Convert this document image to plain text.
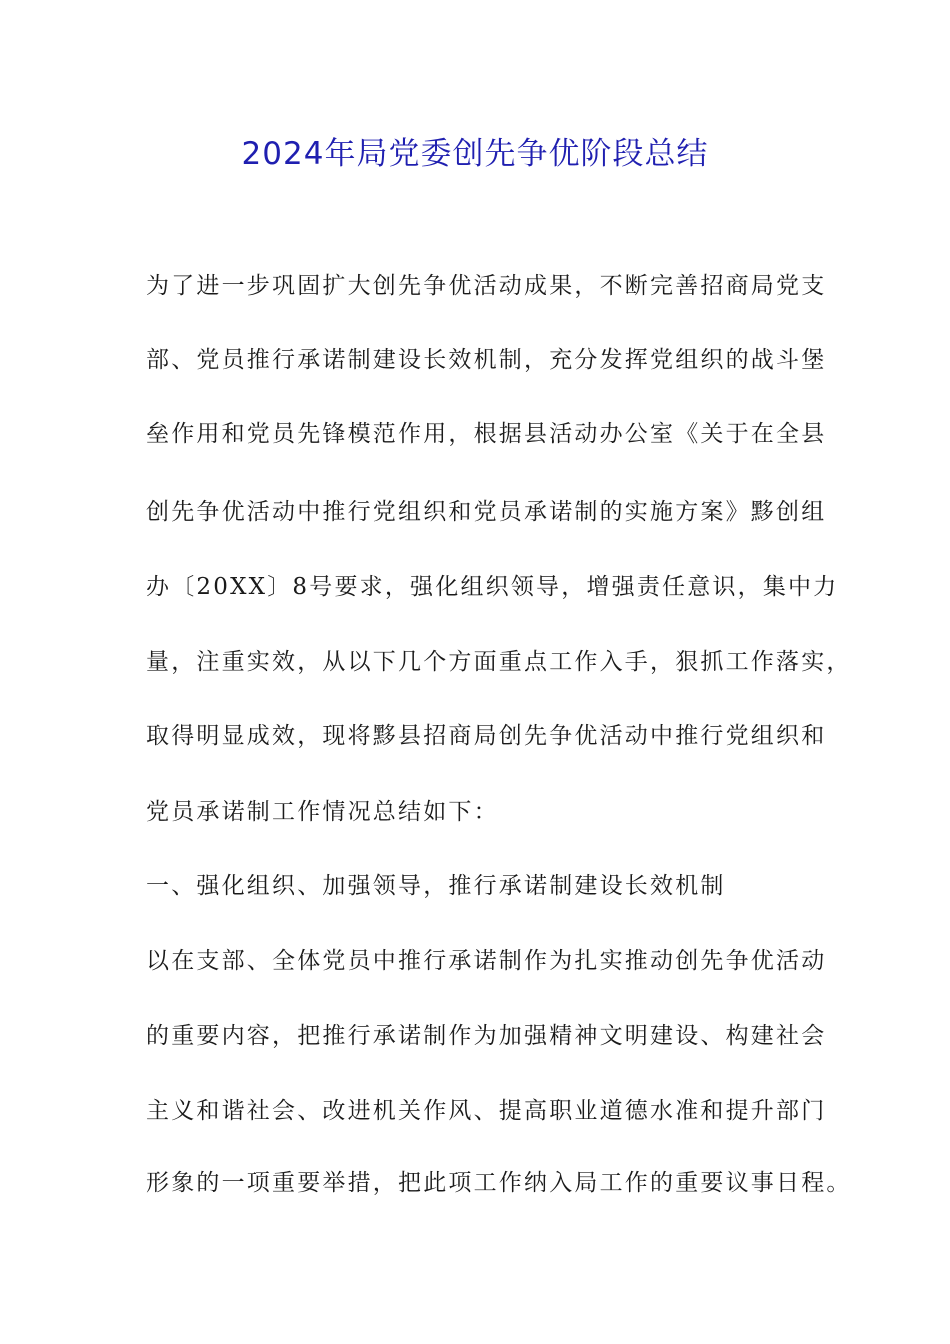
2024年局党委创先争优阶段总结
为了进一步巩固扩大创先争优活动成果，不断完善招商局党支
部、党员推行承诺制建设长效机制，充分发挥党组织的战斗堡
垒作用和党员先锋模范作用，根据县活动办公室《关于在全县
创先争优活动中推行党组织和党员承诺制的实施方案》黟创组
办〔20XX〕8号要求，强化组织领导，增强责任意识，集中力
量，注重实效，从以下几个方面重点工作入手，狠抓工作落实，
取得明显成效，现将黟县招商局创先争优活动中推行党组织和
党员承诺制工作情况总结如下：
一、强化组织、加强领导，推行承诺制建设长效机制
以在支部、全体党员中推行承诺制作为扎实推动创先争优活动
的重要内容，把推行承诺制作为加强精神文明建设、构建社会
主义和谐社会、改进机关作风、提高职业道德水准和提升部门
形象的一项重要举措，把此项工作纳入局工作的重要议事日程。
